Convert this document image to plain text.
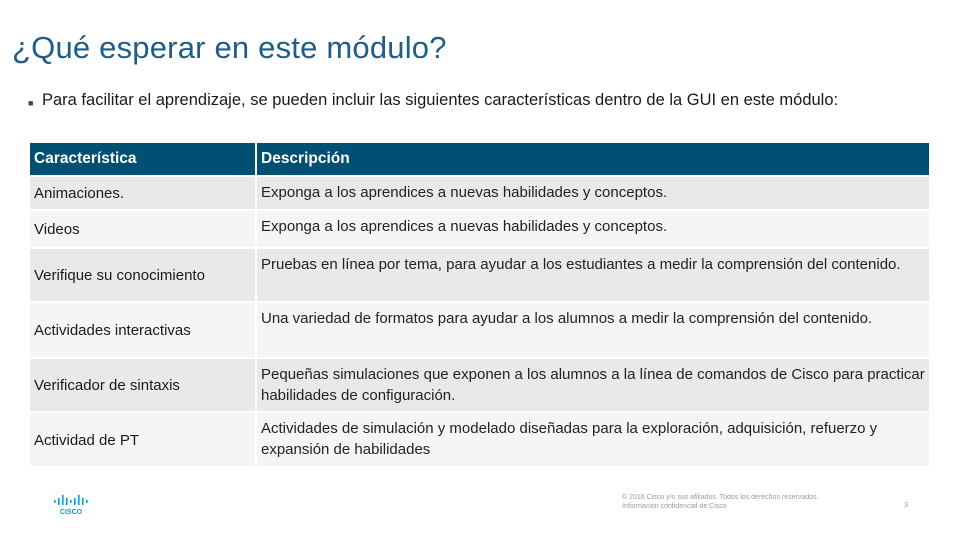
¿Qué esperar en este módulo?
■ Para facilitar el aprendizaje, se pueden incluir las siguientes características dentro de la GUI en este módulo:
Característica	Descripción
Animaciones.	Exponga a los aprendices a nuevas habilidades y conceptos.
Videos	Exponga a los aprendices a nuevas habilidades y conceptos.
Verifique su conocimiento	Pruebas en línea por tema, para ayudar a los estudiantes a medir la comprensión del contenido.
Actividades interactivas	Una variedad de formatos para ayudar a los alumnos a medir la comprensión del contenido.
Verificador de sintaxis	Pequeñas simulaciones que exponen a los alumnos a la línea de comandos de Cisco para practicar habilidades de configuración.
Actividad de PT	Actividades de simulación y modelado diseñadas para la exploración, adquisición, refuerzo y expansión de habilidades
CISCO
© 2016 Cisco y/o sus afiliados. Todos los derechos reservados.
Información confidencial de Cisco	3
